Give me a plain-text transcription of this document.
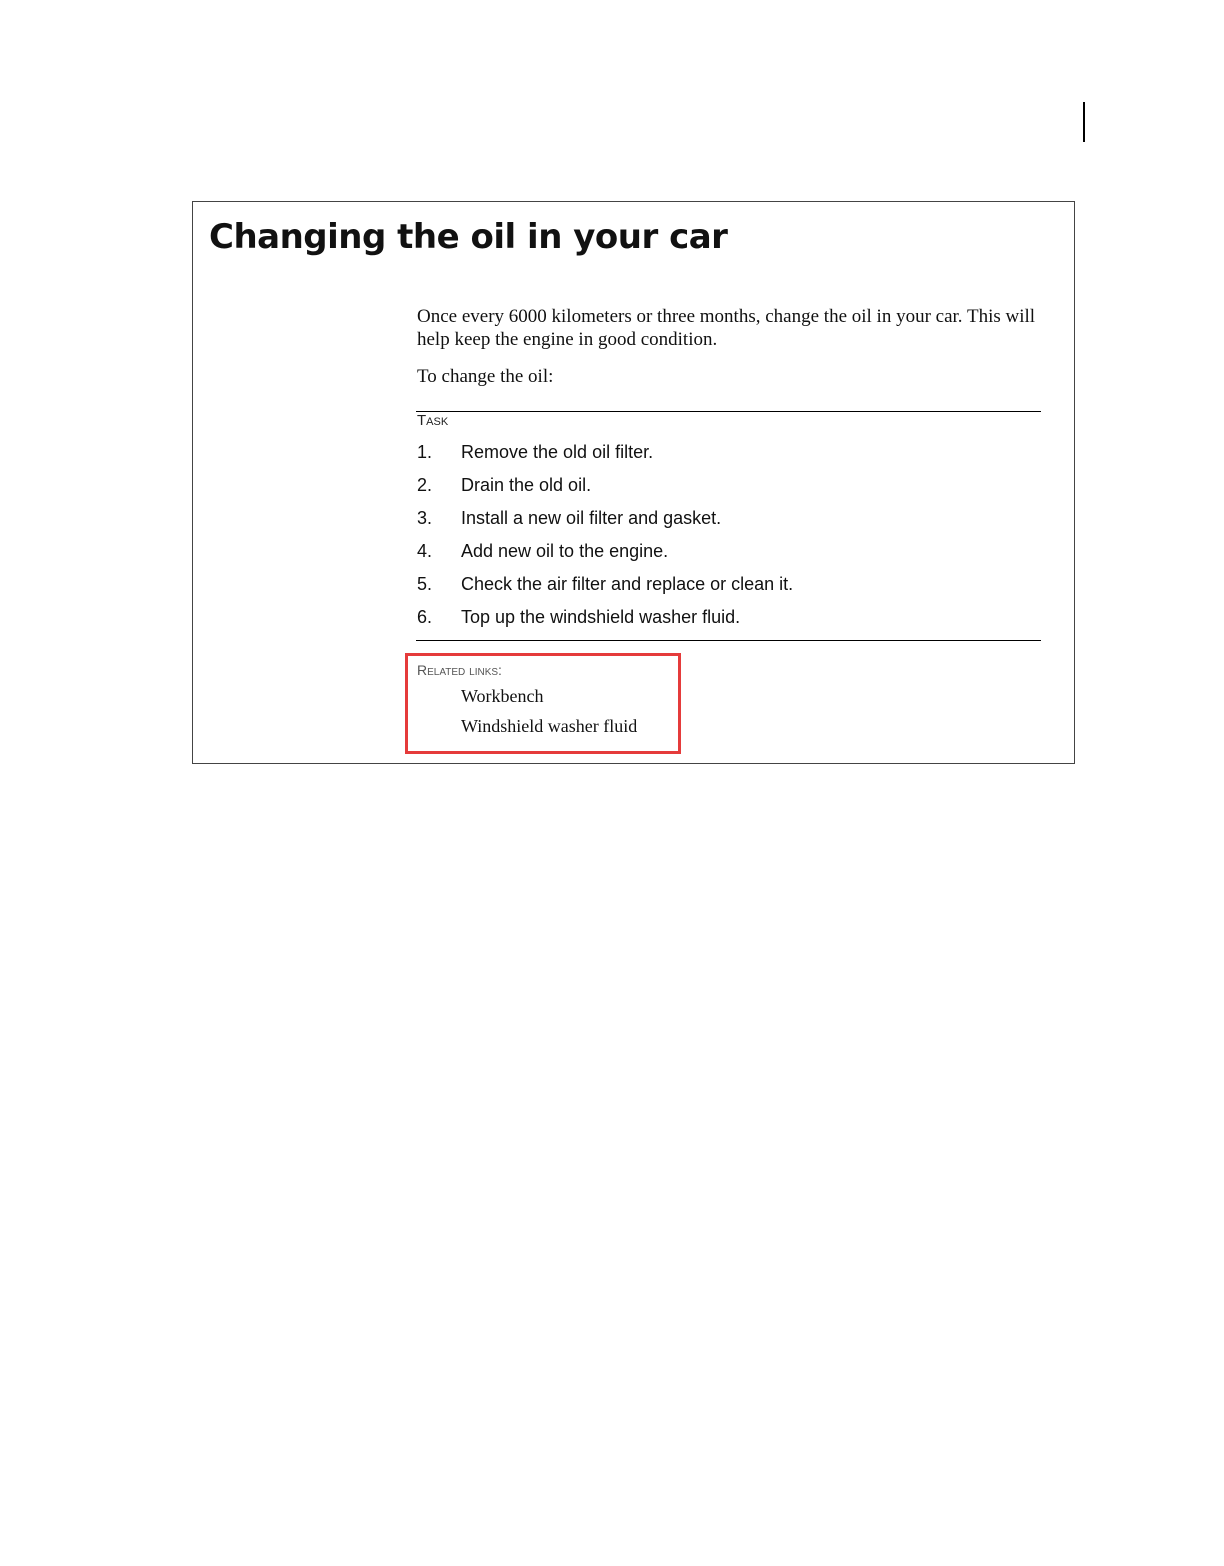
Changing the oil in your car

Once every 6000 kilometers or three months, change the oil in your car. This will help keep the engine in good condition.

To change the oil:

Task
1.	Remove the old oil filter.
2.	Drain the old oil.
3.	Install a new oil filter and gasket.
4.	Add new oil to the engine.
5.	Check the air filter and replace or clean it.
6.	Top up the windshield washer fluid.
Related links:
Workbench
Windshield washer fluid
